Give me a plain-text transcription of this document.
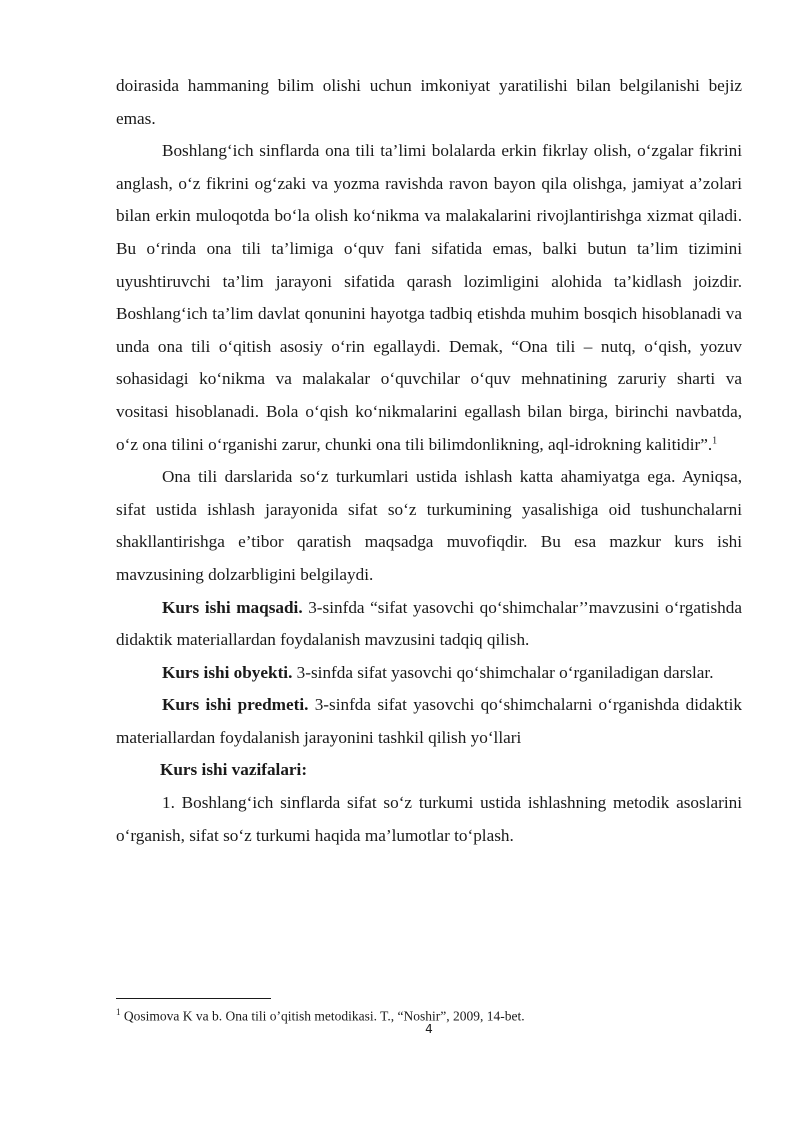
doirasida hammaning bilim olishi uchun imkoniyat yaratilishi bilan belgilanishi bejiz emas.

Boshlang‘ich sinflarda ona tili ta’limi bolalarda erkin fikrlay olish, o‘zgalar fikrini anglash, o‘z fikrini og‘zaki va yozma ravishda ravon bayon qila olishga, jamiyat a’zolari bilan erkin muloqotda bo‘la olish ko‘nikma va malakalarini rivojlantirishga xizmat qiladi. Bu o‘rinda ona tili ta’limiga o‘quv fani sifatida emas, balki butun ta’lim tizimini uyushtiruvchi ta’lim jarayoni sifatida qarash lozimligini alohida ta’kidlash joizdir. Boshlang‘ich ta’lim davlat qonunini hayotga tadbiq etishda muhim bosqich hisoblanadi va unda ona tili o‘qitish asosiy o‘rin egallaydi. Demak, “Ona tili – nutq, o‘qish, yozuv sohasidagi ko‘nikma va malakalar o‘quvchilar o‘quv mehnatining zaruriy sharti va vositasi hisoblanadi. Bola o‘qish ko‘nikmalarini egallash bilan birga, birinchi navbatda, o‘z ona tilini o‘rganishi zarur, chunki ona tili bilimdonlikning, aql-idrokning kalitidir”.$^1$

Ona tili darslarida so‘z turkumlari ustida ishlash katta ahamiyatga ega. Ayniqsa, sifat ustida ishlash jarayonida sifat so‘z turkumining yasalishiga oid tushunchalarni shakllantirishga e’tibor qaratish maqsadga muvofiqdir. Bu esa mazkur kurs ishi mavzusining dolzarbligini belgilaydi.

Kurs ishi maqsadi. 3-sinfda “sifat yasovchi qo‘shimchalar’’mavzusini o‘rgatishda didaktik materiallardan foydalanish mavzusini tadqiq qilish.

Kurs ishi obyekti. 3-sinfda sifat yasovchi qo‘shimchalar o‘rganiladigan darslar.

Kurs ishi predmeti. 3-sinfda sifat yasovchi qo‘shimchalarni o‘rganishda didaktik materiallardan foydalanish jarayonini tashkil qilish yo‘llari

Kurs ishi vazifalari:

1. Boshlang‘ich sinflarda sifat so‘z turkumi ustida ishlashning metodik asoslarini o‘rganish, sifat so‘z turkumi haqida ma’lumotlar to‘plash.

$^1$ Qosimova K va b. Ona tili o’qitish metodikasi. T., “Noshir”, 2009, 14-bet.
4
